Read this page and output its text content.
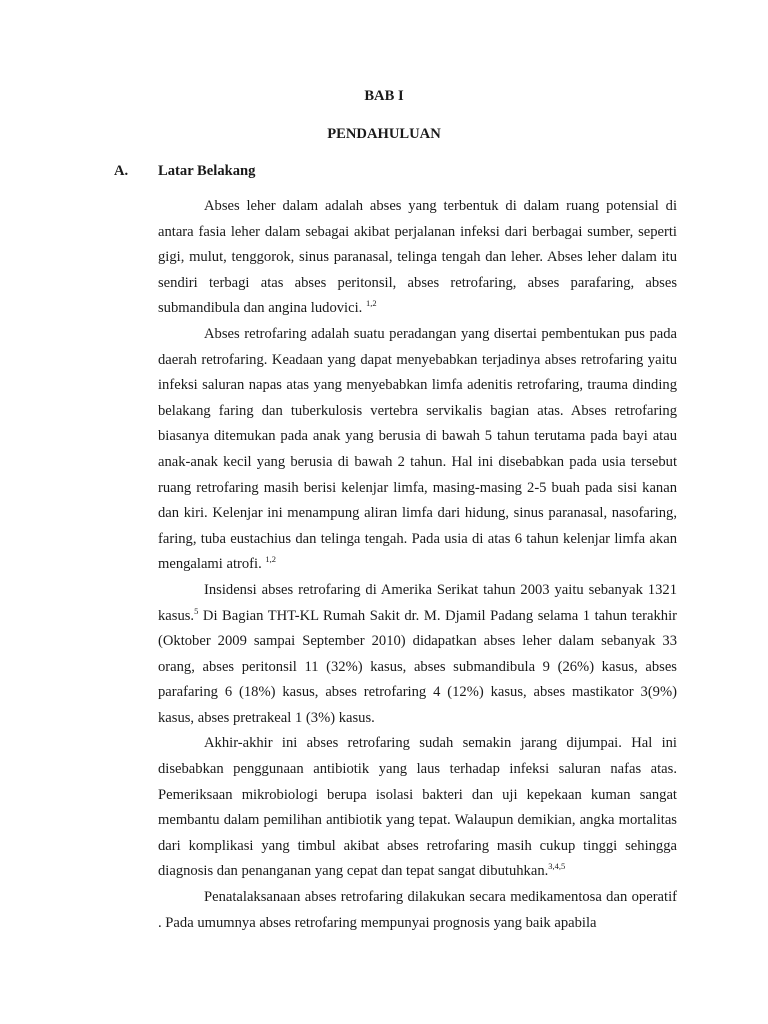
BAB I
PENDAHULUAN
A. Latar Belakang

Abses leher dalam adalah abses yang terbentuk di dalam ruang potensial di antara fasia leher dalam sebagai akibat perjalanan infeksi dari berbagai sumber, seperti gigi, mulut, tenggorok, sinus paranasal, telinga tengah dan leher. Abses leher dalam itu sendiri terbagi atas abses peritonsil, abses retrofaring, abses parafaring, abses submandibula dan angina ludovici. $^{1,2}$

Abses retrofaring adalah suatu peradangan yang disertai pembentukan pus pada daerah retrofaring. Keadaan yang dapat menyebabkan terjadinya abses retrofaring yaitu infeksi saluran napas atas yang menyebabkan limfa adenitis retrofaring, trauma dinding belakang faring dan tuberkulosis vertebra servikalis bagian atas. Abses retrofaring biasanya ditemukan pada anak yang berusia di bawah 5 tahun terutama pada bayi atau anak-anak kecil yang berusia di bawah 2 tahun. Hal ini disebabkan pada usia tersebut ruang retrofaring masih berisi kelenjar limfa, masing-masing 2-5 buah pada sisi kanan dan kiri. Kelenjar ini menampung aliran limfa dari hidung, sinus paranasal, nasofaring, faring, tuba eustachius dan telinga tengah. Pada usia di atas 6 tahun kelenjar limfa akan mengalami atrofi. $^{1,2}$

Insidensi abses retrofaring di Amerika Serikat tahun 2003 yaitu sebanyak 1321 kasus.$^5$ Di Bagian THT-KL Rumah Sakit dr. M. Djamil Padang selama 1 tahun terakhir (Oktober 2009 sampai September 2010) didapatkan abses leher dalam sebanyak 33 orang, abses peritonsil 11 (32%) kasus, abses submandibula 9 (26%) kasus, abses parafaring 6 (18%) kasus, abses retrofaring 4 (12%) kasus, abses mastikator 3(9%) kasus, abses pretrakeal 1 (3%) kasus.

Akhir-akhir ini abses retrofaring sudah semakin jarang dijumpai. Hal ini disebabkan penggunaan antibiotik yang laus terhadap infeksi saluran nafas atas. Pemeriksaan mikrobiologi berupa isolasi bakteri dan uji kepekaan kuman sangat membantu dalam pemilihan antibiotik yang tepat. Walaupun demikian, angka mortalitas dari komplikasi yang timbul akibat abses retrofaring masih cukup tinggi sehingga diagnosis dan penanganan yang cepat dan tepat sangat dibutuhkan.$^{3,4,5}$

Penatalaksanaan abses retrofaring dilakukan secara medikamentosa dan operatif . Pada umumnya abses retrofaring mempunyai prognosis yang baik apabila
